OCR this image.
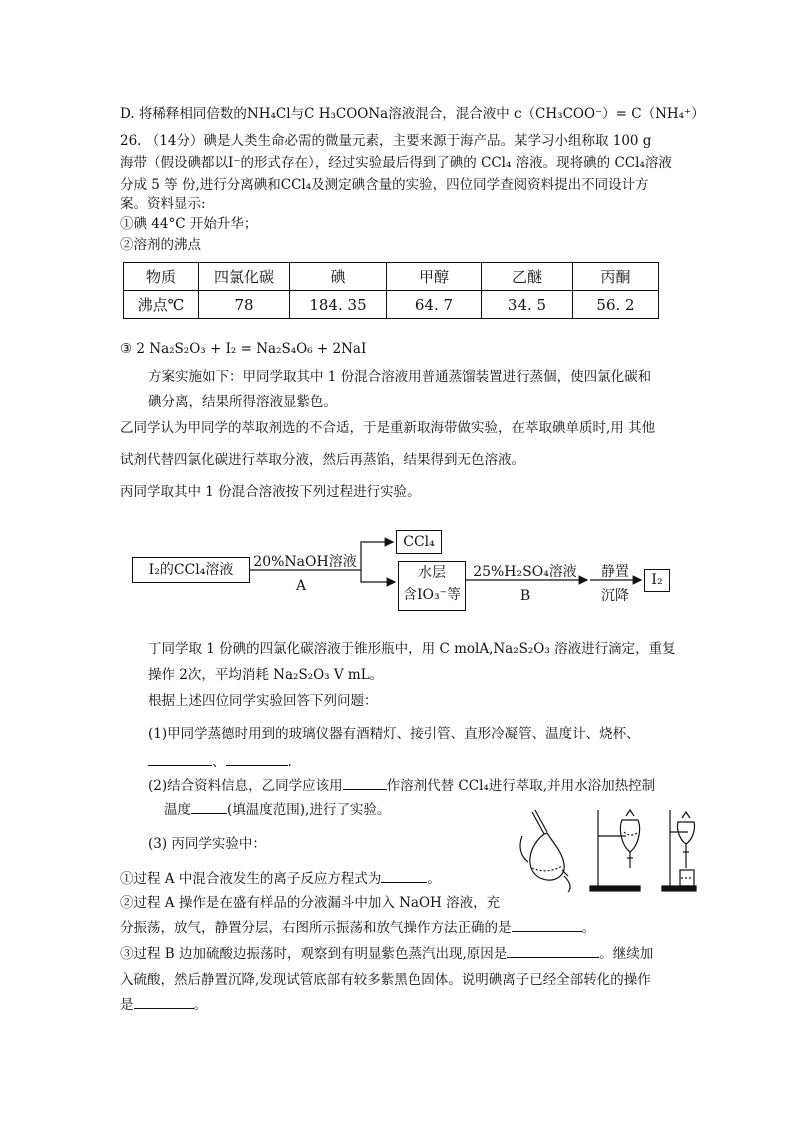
D. 将稀释相同倍数的NH₄Cl与C H₃COONa溶液混合，混合液中 c（CH₃COO⁻）= C（NH₄⁺）
26. （14分）碘是人类生命必需的微量元素，主要来源于海产品。某学习小组称取 100 g
海带（假设碘都以I⁻的形式存在），经过实验最后得到了碘的 CCl₄ 溶液。现将碘的 CCl₄溶液
分成 5 等 份,进行分离碘和CCl₄及测定碘含量的实验，四位同学查阅资料提出不同设计方
案。资料显示:
①碘 44°C 开始升华；
②溶剂的沸点
物质	四氯化碳	碘	甲醇	乙醚	丙酮
沸点℃	78	184. 35	64. 7	34. 5	56. 2
③ 2 Na₂S₂O₃ + I₂ = Na₂S₄O₆ + 2NaI
方案实施如下：甲同学取其中 1 份混合溶液用普通蒸馏装置进行蒸個，使四氯化碳和
碘分离，结果所得溶液显紫色。
乙同学认为甲同学的萃取剂选的不合适，于是重新取海带做实验，在萃取碘单质时,用 其他
试剂代替四氯化碳进行萃取分液，然后再蒸馅，结果得到无色溶液。
丙同学取其中 1 份混合溶液按下列过程进行实验。
I₂的CCl₄溶液	20%NaOH溶液
A
CCl₄
水层
含IO₃⁻等
25%H₂SO₄溶液
B
静置
沉降
I₂
丁同学取 1 份碘的四氯化碳溶液于锥形瓶中，用 C molA,Na₂S₂O₃ 溶液进行滴定，重复
操作 2次，平均消耗 Na₂S₂O₃ V mL。
根据上述四位同学实验回答下列问题：
(1)甲同学蒸德时用到的玻璃仪器有酒精灯、接引管、直形冷凝管、温度计、烧杯、
、	.
(2)结合资料信息，乙同学应该用	作溶剂代替 CCl₄进行萃取,并用水浴加热控制
温度	(填温度范围),进行了实验。
(3) 丙同学实验中：
①过程 A 中混合液发生的离子反应方程式为	。
②过程 A 操作是在盛有样品的分液漏斗中加入 NaOH 溶液，充
分振荡，放气，静置分层，右图所示振荡和放气操作方法正确的是	。
③过程 B 边加硫酸边振荡时，观察到有明显紫色蒸汽出现,原因是	。继续加
入硫酸，然后静置沉降,发现试管底部有较多紫黑色固体。说明碘离子已经全部转化的操作
是	。
